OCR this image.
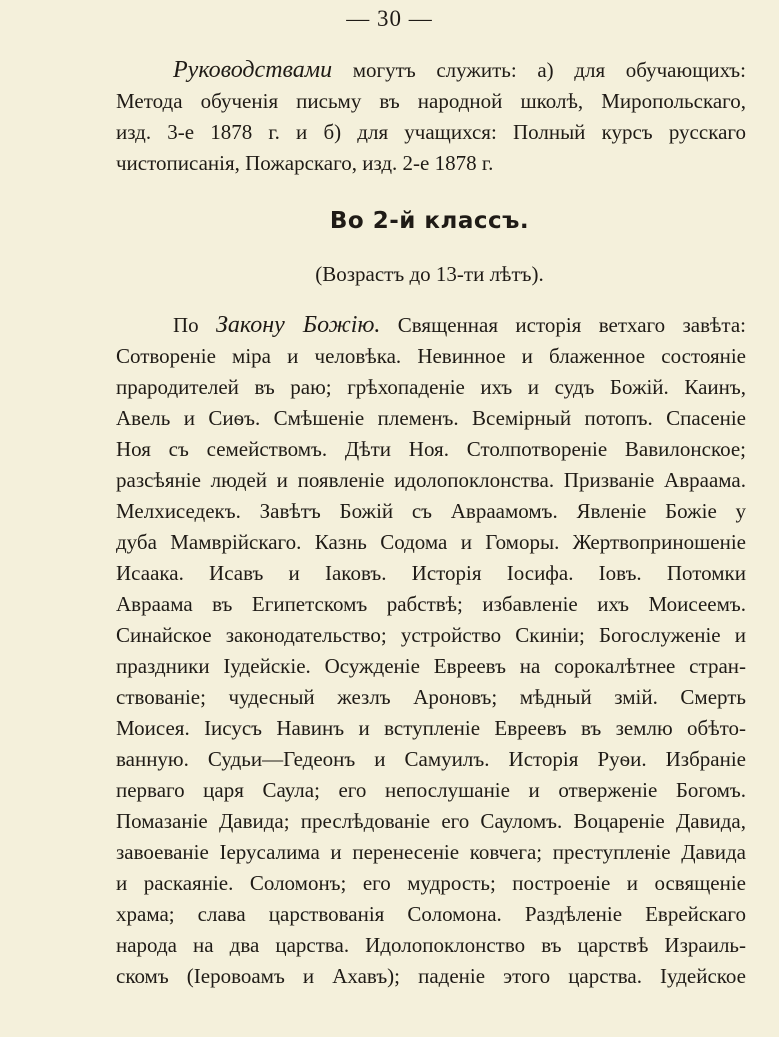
— 30 —
Руководствами могутъ служить: а) для обучающихъ:
Метода обученія письму въ народной школѣ, Миропольскаго,
изд. 3-е 1878 г. и б) для учащихся: Полный курсъ русскаго
чистописанія, Пожарскаго, изд. 2-е 1878 г.
Во 2-й классъ.
(Возрастъ до 13-ти лѣтъ).
По Закону Божію. Священная исторія ветхаго завѣта:
Сотвореніе міра и человѣка. Невинное и блаженное состояніе
прародителей въ раю; грѣхопаденіе ихъ и судъ Божій. Каинъ,
Авель и Сиѳъ. Смѣшеніе племенъ. Всемірный потопъ. Спасеніе
Ноя съ семействомъ. Дѣти Ноя. Столпотвореніе Вавилонское;
разсѣяніе людей и появленіе идолопоклонства. Призваніе Авраама.
Мелхиседекъ. Завѣтъ Божій съ Авраамомъ. Явленіе Божіе у
дуба Мамврійскаго. Казнь Содома и Гоморы. Жертвоприношеніе
Исаака. Исавъ и Іаковъ. Исторія Іосифа. Іовъ. Потомки
Авраама въ Египетскомъ рабствѣ; избавленіе ихъ Моисеемъ.
Синайское законодательство; устройство Скиніи; Богослуженіе и
праздники Іудейскіе. Осужденіе Евреевъ на сорокалѣтнее стран-
ствованіе; чудесный жезлъ Ароновъ; мѣдный змій. Смерть
Моисея. Іисусъ Навинъ и вступленіе Евреевъ въ землю обѣто-
ванную. Судьи—Гедеонъ и Самуилъ. Исторія Руѳи. Избраніе
перваго царя Саула; его непослушаніе и отверженіе Богомъ.
Помазаніе Давида; преслѣдованіе его Сауломъ. Воцареніе Давида,
завоеваніе Іерусалима и перенесеніе ковчега; преступленіе Давида
и раскаяніе. Соломонъ; его мудрость; построеніе и освященіе
храма; слава царствованія Соломона. Раздѣленіе Еврейскаго
народа на два царства. Идолопоклонство въ царствѣ Израиль-
скомъ (Іеровоамъ и Ахавъ); паденіе этого царства. Іудейское
